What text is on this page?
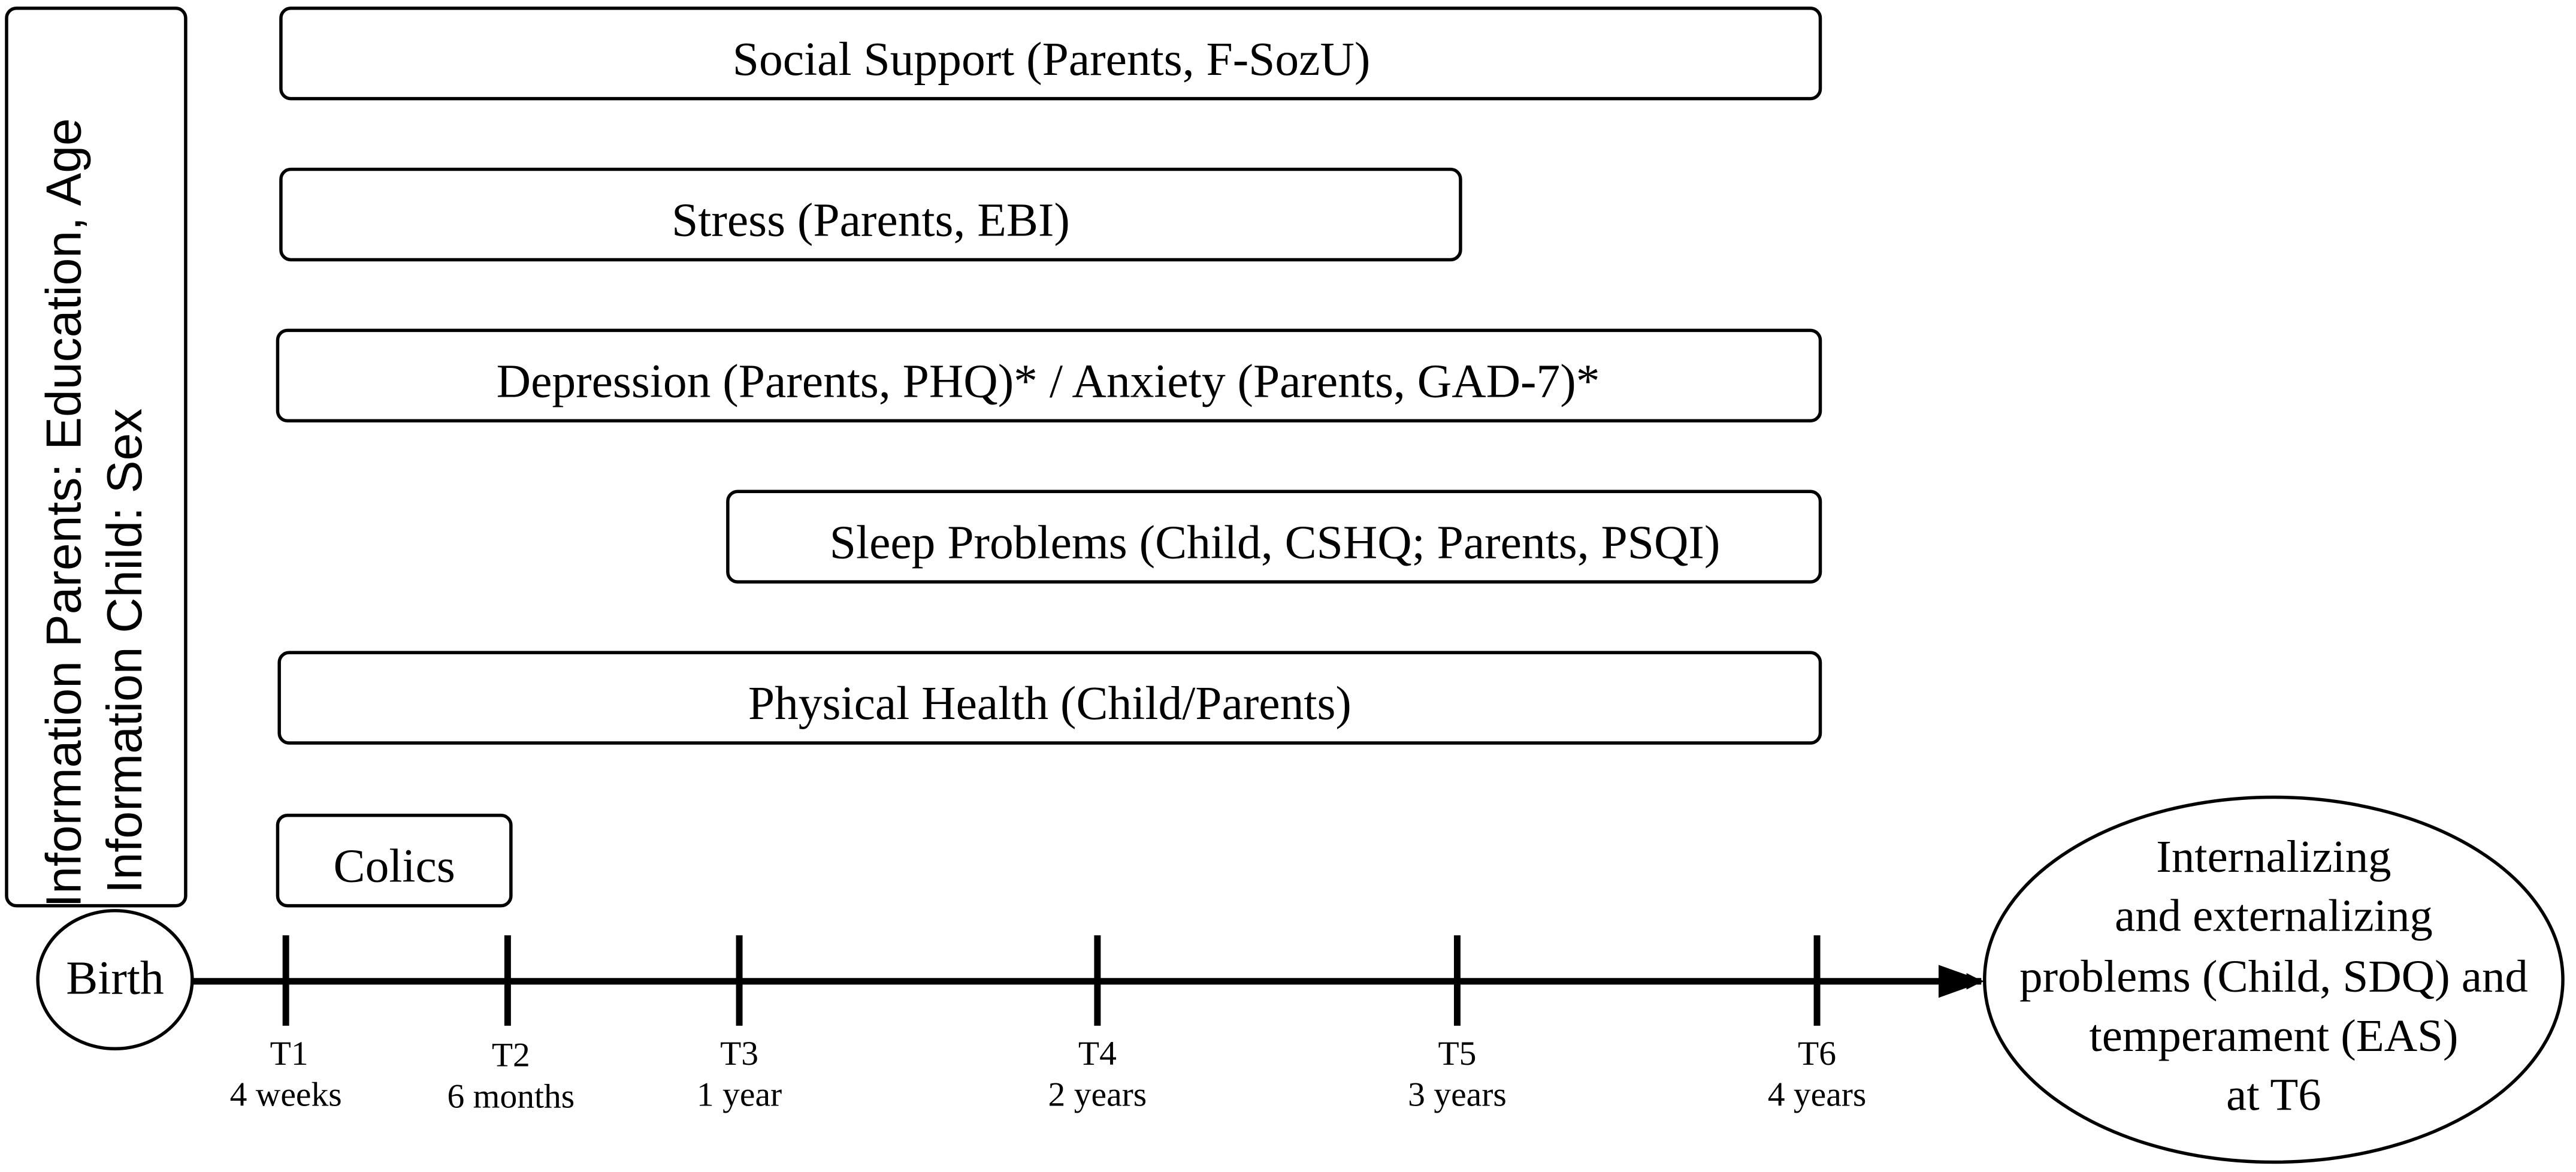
Information Parents: Education, Age Information Child: Sex
Social Support (Parents, F-SozU)
Stress (Parents, EBI)
Depression (Parents, PHQ)* / Anxiety (Parents, GAD-7)*
Sleep Problems (Child, CSHQ; Parents, PSQI)
Physical Health (Child/Parents)
Colics
Birth
T1
4 weeks
T2
6 months
T3
1 year
T4
2 years
T5
3 years
T6
4 years
Internalizing
and externalizing
problems (Child, SDQ) and
temperament (EAS)
at T6
